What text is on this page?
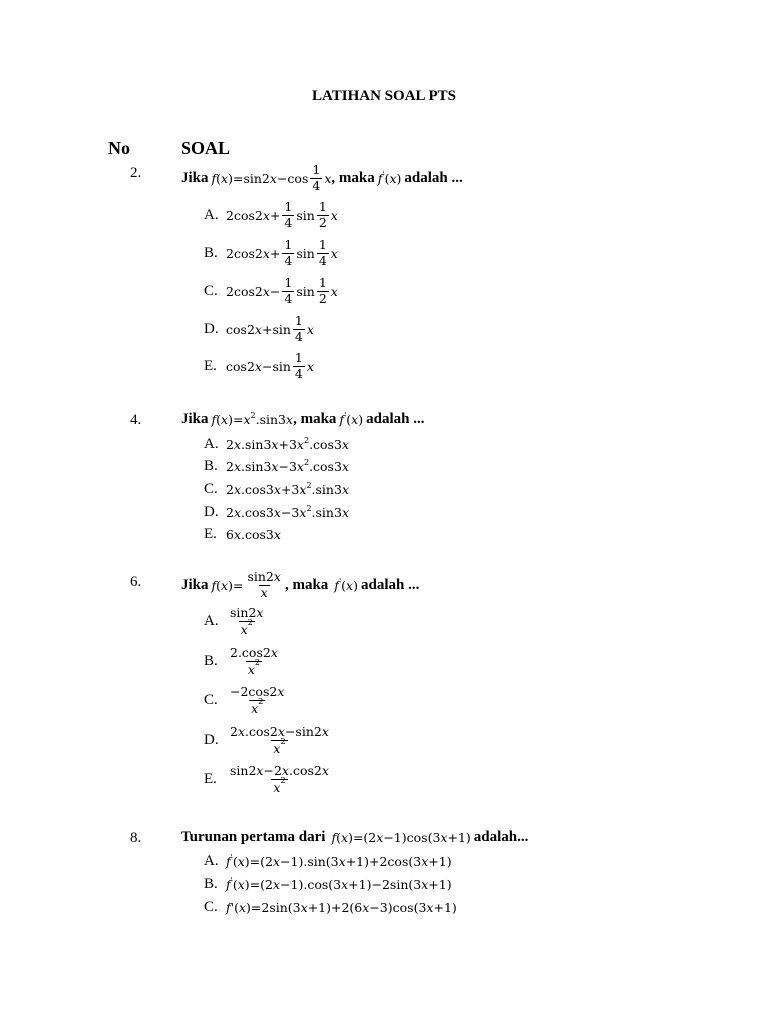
LATIHAN SOAL PTS
No	SOAL
2.	Jika f ( x )=sin2 $x -\cos \frac{1}{4}$ x , maka f ' ( x ) adalah ...
A. 2cos2 $x + \frac{1}{4}$ $\sin \frac{1}{2}$ x
B. 2cos2 $x + \frac{1}{4}$ $\sin \frac{1}{4}$ x
C. 2cos2 $x - \frac{1}{4}$ $\sin \frac{1}{2}$ x
D. cos2 $x +\sin \frac{1}{4}$ x
E. cos2 $x -\sin \frac{1}{4}$ x
4.	Jika f ( x )= x 2 .sin3 x , maka f ' ( x ) adalah ...
A. 2 x .sin3 x +3 x 2 .cos3 x
B. 2 x .sin3 x −3 x 2 .cos3 x
C. 2 x .cos3 x +3 x 2 .sin3 x
D. 2 x .cos3 x −3 x 2 .sin3 x
E. 6 x .cos3 x
6.	Jika f ( x )= $\frac{\sin 2x}{x}$ , maka f ' ( x ) adalah ...
A. $\frac{\sin 2x}{x^2}$
B. $\frac{2.\cos 2x}{x^2}$
C. $\frac{-2\cos 2x}{x^2}$
D. $\frac{2x.\cos 2x-\sin 2x}{x^2}$
E. $\frac{\sin 2x-2x.\cos 2x}{x^2}$
8.	Turunan pertama dari f ( x )=(2 x −1)cos(3 x +1) adalah...
A. f ' ( x )=(2 x −1).sin(3 x +1)+2cos(3 x +1)
B. f ' ( x )=(2 x −1).cos(3 x +1)−2sin(3 x +1)
C. f '( x )=2sin(3 x +1)+2(6 x −3)cos(3 x +1)
